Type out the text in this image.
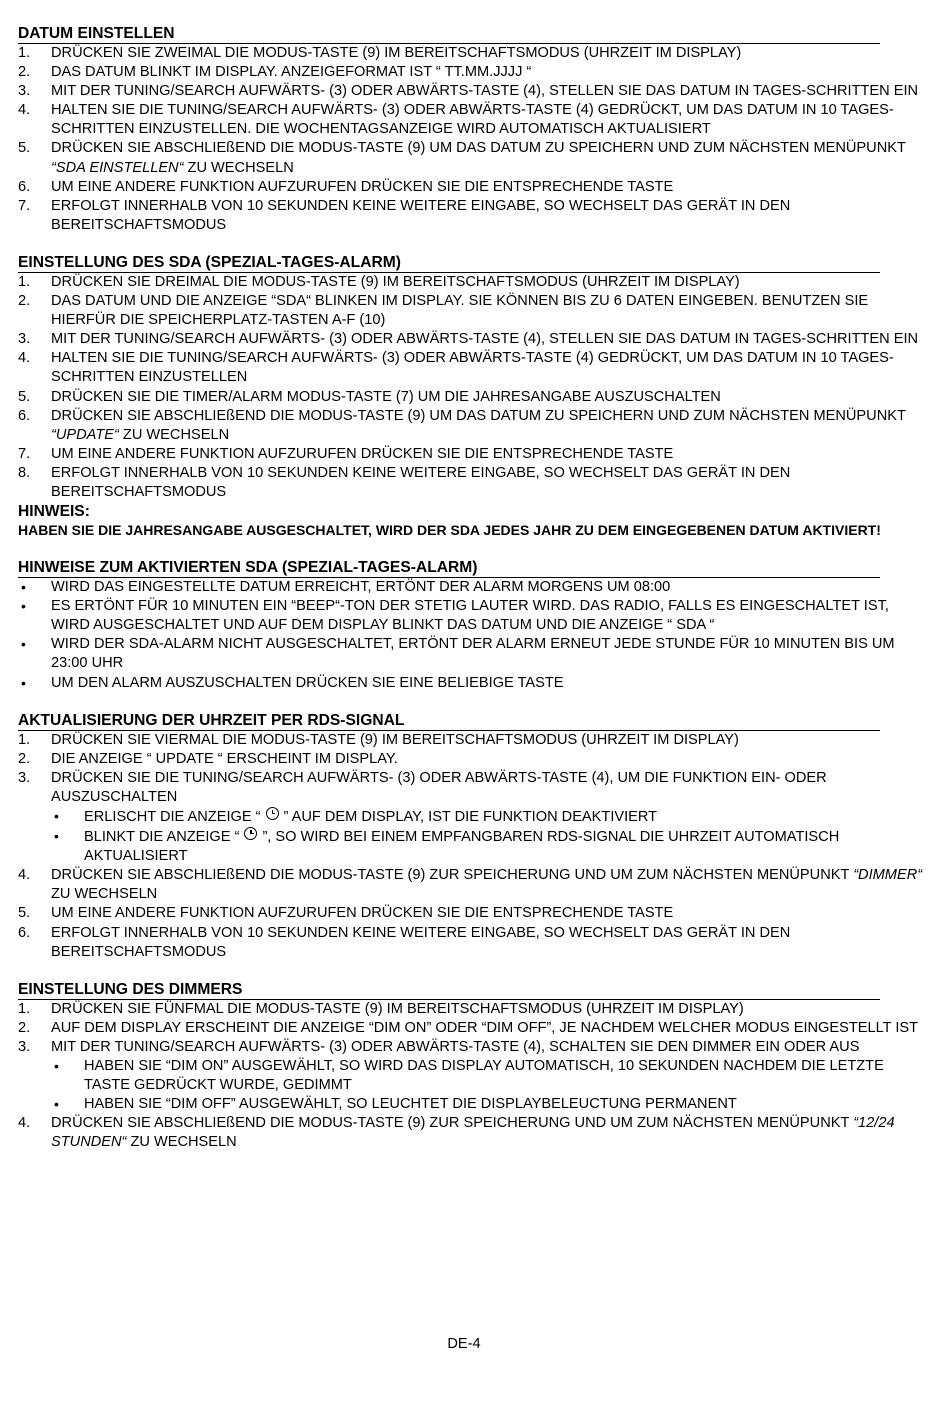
DATUM EINSTELLEN
1. DRÜCKEN SIE ZWEIMAL DIE MODUS-TASTE (9) IM BEREITSCHAFTSMODUS (UHRZEIT IM DISPLAY)
2. DAS DATUM BLINKT IM DISPLAY. ANZEIGEFORMAT IST “ TT.MM.JJJJ “
3. MIT DER TUNING/SEARCH AUFWÄRTS- (3) ODER ABWÄRTS-TASTE (4), STELLEN SIE DAS DATUM IN TAGES-SCHRITTEN EIN
4. HALTEN SIE DIE TUNING/SEARCH AUFWÄRTS- (3) ODER ABWÄRTS-TASTE (4) GEDRÜCKT, UM DAS DATUM IN 10 TAGES-SCHRITTEN EINZUSTELLEN. DIE WOCHENTAGSANZEIGE WIRD AUTOMATISCH AKTUALISIERT
5. DRÜCKEN SIE ABSCHLIEßEND DIE MODUS-TASTE (9) UM DAS DATUM ZU SPEICHERN UND ZUM NÄCHSTEN MENÜPUNKT “SDA EINSTELLEN“ ZU WECHSELN
6. UM EINE ANDERE FUNKTION AUFZURUFEN DRÜCKEN SIE DIE ENTSPRECHENDE TASTE
7. ERFOLGT INNERHALB VON 10 SEKUNDEN KEINE WEITERE EINGABE, SO WECHSELT DAS GERÄT IN DEN BEREITSCHAFTSMODUS
EINSTELLUNG DES SDA (SPEZIAL-TAGES-ALARM)
1. DRÜCKEN SIE DREIMAL DIE MODUS-TASTE (9) IM BEREITSCHAFTSMODUS (UHRZEIT IM DISPLAY)
2. DAS DATUM UND DIE ANZEIGE “SDA“ BLINKEN IM DISPLAY. SIE KÖNNEN BIS ZU 6 DATEN EINGEBEN. BENUTZEN SIE HIERFÜR DIE SPEICHERPLATZ-TASTEN A-F (10)
3. MIT DER TUNING/SEARCH AUFWÄRTS- (3) ODER ABWÄRTS-TASTE (4), STELLEN SIE DAS DATUM IN TAGES-SCHRITTEN EIN
4. HALTEN SIE DIE TUNING/SEARCH AUFWÄRTS- (3) ODER ABWÄRTS-TASTE (4) GEDRÜCKT, UM DAS DATUM IN 10 TAGES-SCHRITTEN EINZUSTELLEN
5. DRÜCKEN SIE DIE TIMER/ALARM MODUS-TASTE (7) UM DIE JAHRESANGABE AUSZUSCHALTEN
6. DRÜCKEN SIE ABSCHLIEßEND DIE MODUS-TASTE (9) UM DAS DATUM ZU SPEICHERN UND ZUM NÄCHSTEN MENÜPUNKT “UPDATE“ ZU WECHSELN
7. UM EINE ANDERE FUNKTION AUFZURUFEN DRÜCKEN SIE DIE ENTSPRECHENDE TASTE
8. ERFOLGT INNERHALB VON 10 SEKUNDEN KEINE WEITERE EINGABE, SO WECHSELT DAS GERÄT IN DEN BEREITSCHAFTSMODUS
HINWEIS:
HABEN SIE DIE JAHRESANGABE AUSGESCHALTET, WIRD DER SDA JEDES JAHR ZU DEM EINGEGEBENEN DATUM AKTIVIERT!
HINWEISE ZUM AKTIVIERTEN SDA (SPEZIAL-TAGES-ALARM)
• WIRD DAS EINGESTELLTE DATUM ERREICHT, ERTÖNT DER ALARM MORGENS UM 08:00
• ES ERTÖNT FÜR 10 MINUTEN EIN “BEEP“-TON DER STETIG LAUTER WIRD. DAS RADIO, FALLS ES EINGESCHALTET IST, WIRD AUSGESCHALTET UND AUF DEM DISPLAY BLINKT DAS DATUM UND DIE ANZEIGE “ SDA “
• WIRD DER SDA-ALARM NICHT AUSGESCHALTET, ERTÖNT DER ALARM ERNEUT JEDE STUNDE FÜR 10 MINUTEN BIS UM 23:00 UHR
• UM DEN ALARM AUSZUSCHALTEN DRÜCKEN SIE EINE BELIEBIGE TASTE
AKTUALISIERUNG DER UHRZEIT PER RDS-SIGNAL
1. DRÜCKEN SIE VIERMAL DIE MODUS-TASTE (9) IM BEREITSCHAFTSMODUS (UHRZEIT IM DISPLAY)
2. DIE ANZEIGE “ UPDATE “ ERSCHEINT IM DISPLAY.
3. DRÜCKEN SIE DIE TUNING/SEARCH AUFWÄRTS- (3) ODER ABWÄRTS-TASTE (4), UM DIE FUNKTION EIN- ODER AUSZUSCHALTEN
• ERLISCHT DIE ANZEIGE “ ” AUF DEM DISPLAY, IST DIE FUNKTION DEAKTIVIERT
• BLINKT DIE ANZEIGE “ ”, SO WIRD BEI EINEM EMPFANGBAREN RDS-SIGNAL DIE UHRZEIT AUTOMATISCH AKTUALISIERT
4. DRÜCKEN SIE ABSCHLIEßEND DIE MODUS-TASTE (9) ZUR SPEICHERUNG UND UM ZUM NÄCHSTEN MENÜPUNKT “DIMMER“ ZU WECHSELN
5. UM EINE ANDERE FUNKTION AUFZURUFEN DRÜCKEN SIE DIE ENTSPRECHENDE TASTE
6. ERFOLGT INNERHALB VON 10 SEKUNDEN KEINE WEITERE EINGABE, SO WECHSELT DAS GERÄT IN DEN BEREITSCHAFTSMODUS
EINSTELLUNG DES DIMMERS
1. DRÜCKEN SIE FÜNFMAL DIE MODUS-TASTE (9) IM BEREITSCHAFTSMODUS (UHRZEIT IM DISPLAY)
2. AUF DEM DISPLAY ERSCHEINT DIE ANZEIGE “DIM ON” ODER “DIM OFF”, JE NACHDEM WELCHER MODUS EINGESTELLT IST
3. MIT DER TUNING/SEARCH AUFWÄRTS- (3) ODER ABWÄRTS-TASTE (4), SCHALTEN SIE DEN DIMMER EIN ODER AUS
• HABEN SIE “DIM ON” AUSGEWÄHLT, SO WIRD DAS DISPLAY AUTOMATISCH, 10 SEKUNDEN NACHDEM DIE LETZTE TASTE GEDRÜCKT WURDE, GEDIMMT
• HABEN SIE “DIM OFF” AUSGEWÄHLT, SO LEUCHTET DIE DISPLAYBELEUCTUNG PERMANENT
4. DRÜCKEN SIE ABSCHLIEßEND DIE MODUS-TASTE (9) ZUR SPEICHERUNG UND UM ZUM NÄCHSTEN MENÜPUNKT “12/24 STUNDEN“ ZU WECHSELN
DE-4
